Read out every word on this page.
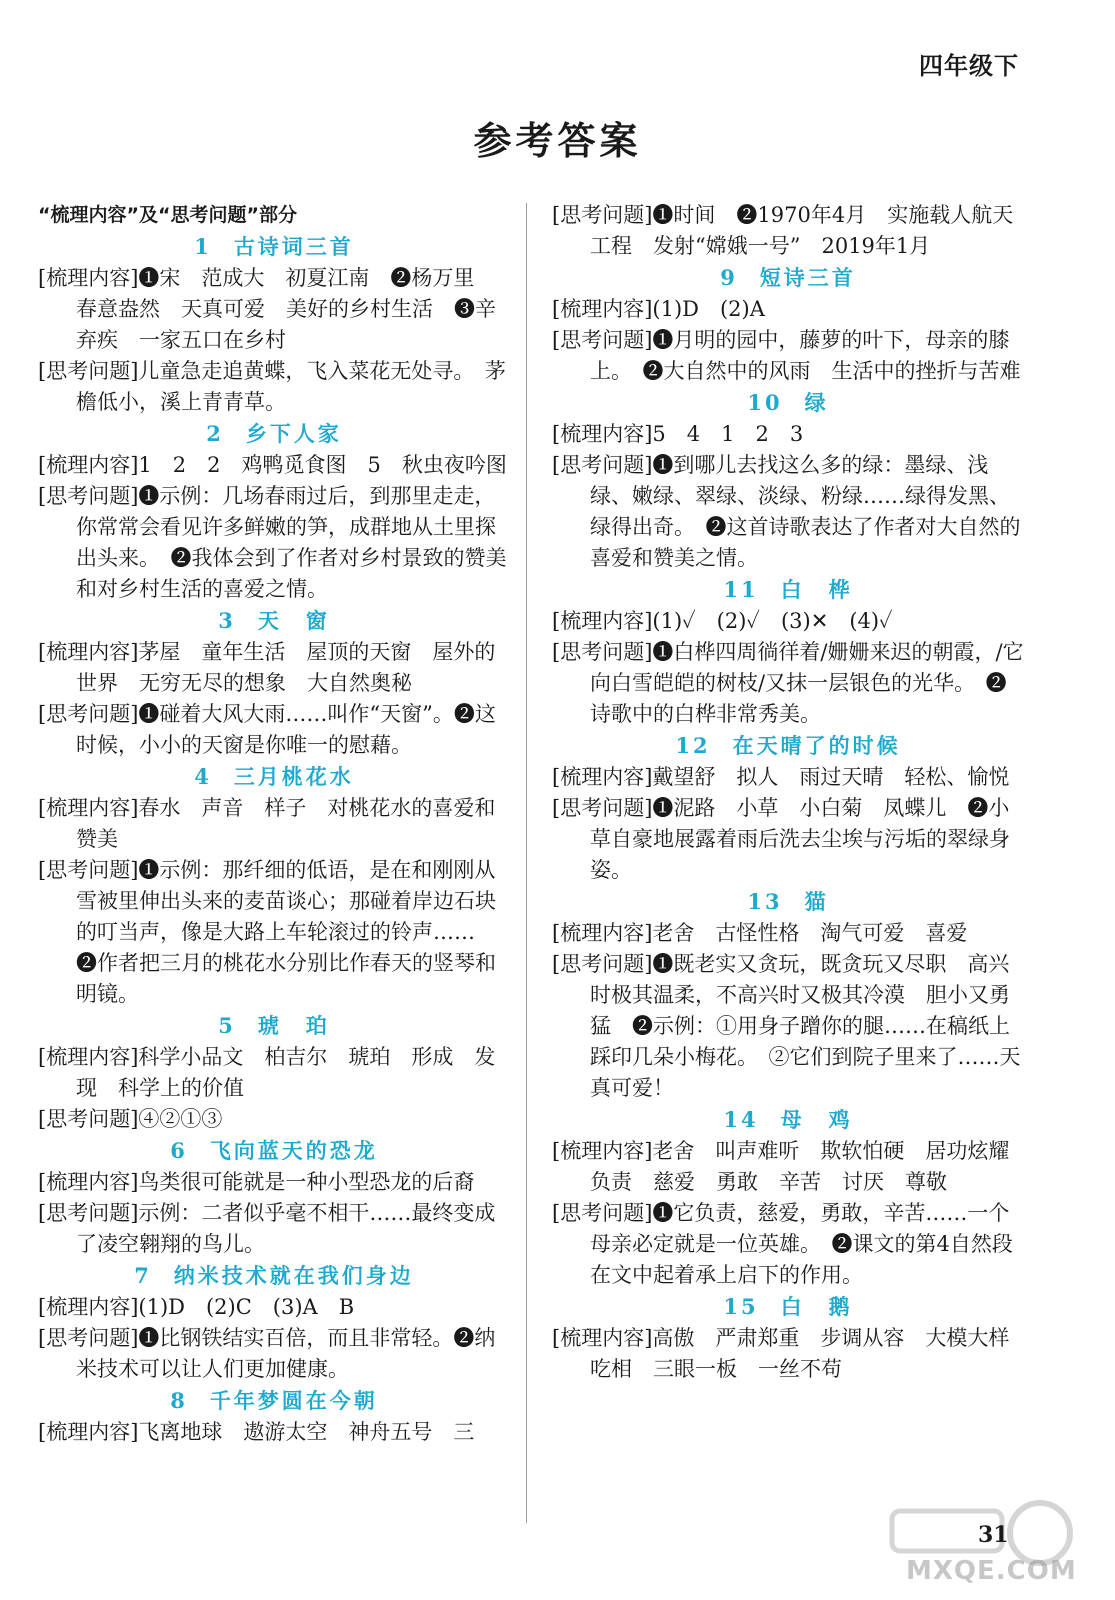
四年级下
参考答案
“梳理内容”及“思考问题”部分
1 古诗词三首
[梳理内容]❶宋　范成大　初夏江南　❷杨万里　春意盎然　天真可爱　美好的乡村生活　❸辛弃疾　一家五口在乡村
[思考问题]儿童急走追黄蝶，飞入菜花无处寻。　茅檐低小，溪上青青草。
2 乡下人家
[梳理内容]1　2　2　鸡鸭觅食图　5　秋虫夜吟图
[思考问题]❶示例：几场春雨过后，到那里走走，你常常会看见许多鲜嫩的笋，成群地从土里探出头来。　❷我体会到了作者对乡村景致的赞美和对乡村生活的喜爱之情。
3 天　窗
[梳理内容]茅屋　童年生活　屋顶的天窗　屋外的世界　无穷无尽的想象　大自然奥秘
[思考问题]❶碰着大风大雨……叫作“天窗”。❷这时候，小小的天窗是你唯一的慰藉。
4 三月桃花水
[梳理内容]春水　声音　样子　对桃花水的喜爱和赞美
[思考问题]❶示例：那纤细的低语，是在和刚刚从雪被里伸出头来的麦苗谈心；那碰着岸边石块的叮当声，像是大路上车轮滚过的铃声……　❷作者把三月的桃花水分别比作春天的竖琴和明镜。
5 琥　珀
[梳理内容]科学小品文　柏吉尔　琥珀　形成　发现　科学上的价值
[思考问题]④②①③
6 飞向蓝天的恐龙
[梳理内容]鸟类很可能就是一种小型恐龙的后裔
[思考问题]示例：二者似乎毫不相干……最终变成了凌空翱翔的鸟儿。
7 纳米技术就在我们身边
[梳理内容](1)D　(2)C　(3)A　B
[思考问题]❶比钢铁结实百倍，而且非常轻。❷纳米技术可以让人们更加健康。
8 千年梦圆在今朝
[梳理内容]飞离地球　遨游太空　神舟五号　三
[思考问题]❶时间　❷1970年4月　实施载人航天工程　发射“嫦娥一号”　2019年1月
9 短诗三首
[梳理内容](1)D　(2)A
[思考问题]❶月明的园中，藤萝的叶下，母亲的膝上。　❷大自然中的风雨　生活中的挫折与苦难
10 绿
[梳理内容]5　4　1　2　3
[思考问题]❶到哪儿去找这么多的绿：墨绿、浅绿、嫩绿、翠绿、淡绿、粉绿……绿得发黑、绿得出奇。　❷这首诗歌表达了作者对大自然的喜爱和赞美之情。
11 白　桦
[梳理内容](1)✓　(2)✓　(3)✕　(4)✓
[思考问题]❶白桦四周徜徉着/姗姗来迟的朝霞，/它向白雪皑皑的树枝/又抹一层银色的光华。　❷诗歌中的白桦非常秀美。
12 在天晴了的时候
[梳理内容]戴望舒　拟人　雨过天晴　轻松、愉悦
[思考问题]❶泥路　小草　小白菊　凤蝶儿　❷小草自豪地展露着雨后洗去尘埃与污垢的翠绿身姿。
13 猫
[梳理内容]老舍　古怪性格　淘气可爱　喜爱
[思考问题]❶既老实又贪玩，既贪玩又尽职　高兴时极其温柔，不高兴时又极其冷漠　胆小又勇猛　❷示例：①用身子蹭你的腿……在稿纸上踩印几朵小梅花。　②它们到院子里来了……天真可爱！
14 母　鸡
[梳理内容]老舍　叫声难听　欺软怕硬　居功炫耀　负责　慈爱　勇敢　辛苦　讨厌　尊敬
[思考问题]❶它负责，慈爱，勇敢，辛苦……一个母亲必定就是一位英雄。　❷课文的第4自然段在文中起着承上启下的作用。
15 白　鹅
[梳理内容]高傲　严肃郑重　步调从容　大模大样　吃相　三眼一板　一丝不苟
MXQE.COM
31
